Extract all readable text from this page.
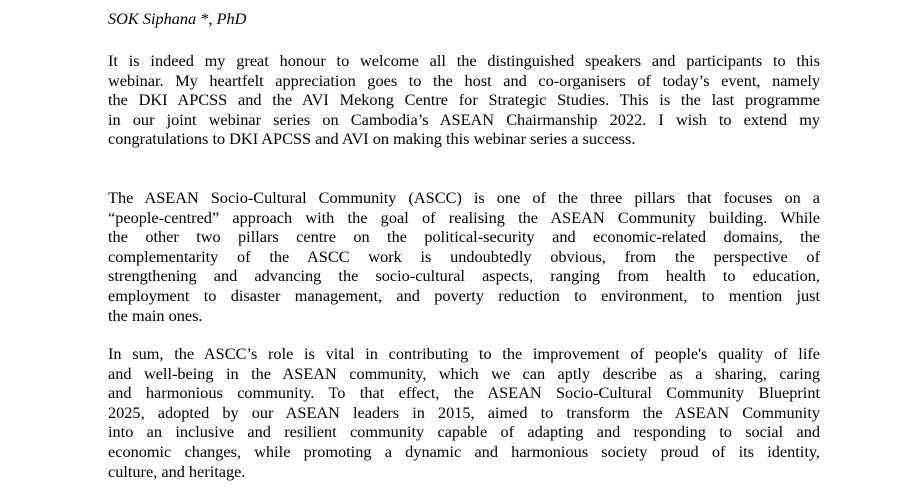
SOK Siphana *, PhD
It is indeed my great honour to welcome all the distinguished speakers and participants to this
webinar. My heartfelt appreciation goes to the host and co-organisers of today’s event, namely
the DKI APCSS and the AVI Mekong Centre for Strategic Studies. This is the last programme
in our joint webinar series on Cambodia’s ASEAN Chairmanship 2022. I wish to extend my
congratulations to DKI APCSS and AVI on making this webinar series a success.
The ASEAN Socio-Cultural Community (ASCC) is one of the three pillars that focuses on a
“people-centred” approach with the goal of realising the ASEAN Community building. While
the other two pillars centre on the political-security and economic-related domains, the
complementarity of the ASCC work is undoubtedly obvious, from the perspective of
strengthening and advancing the socio-cultural aspects, ranging from health to education,
employment to disaster management, and poverty reduction to environment, to mention just
the main ones.
In sum, the ASCC’s role is vital in contributing to the improvement of people's quality of life
and well-being in the ASEAN community, which we can aptly describe as a sharing, caring
and harmonious community. To that effect, the ASEAN Socio-Cultural Community Blueprint
2025, adopted by our ASEAN leaders in 2015, aimed to transform the ASEAN Community
into an inclusive and resilient community capable of adapting and responding to social and
economic changes, while promoting a dynamic and harmonious society proud of its identity,
culture, and heritage.
